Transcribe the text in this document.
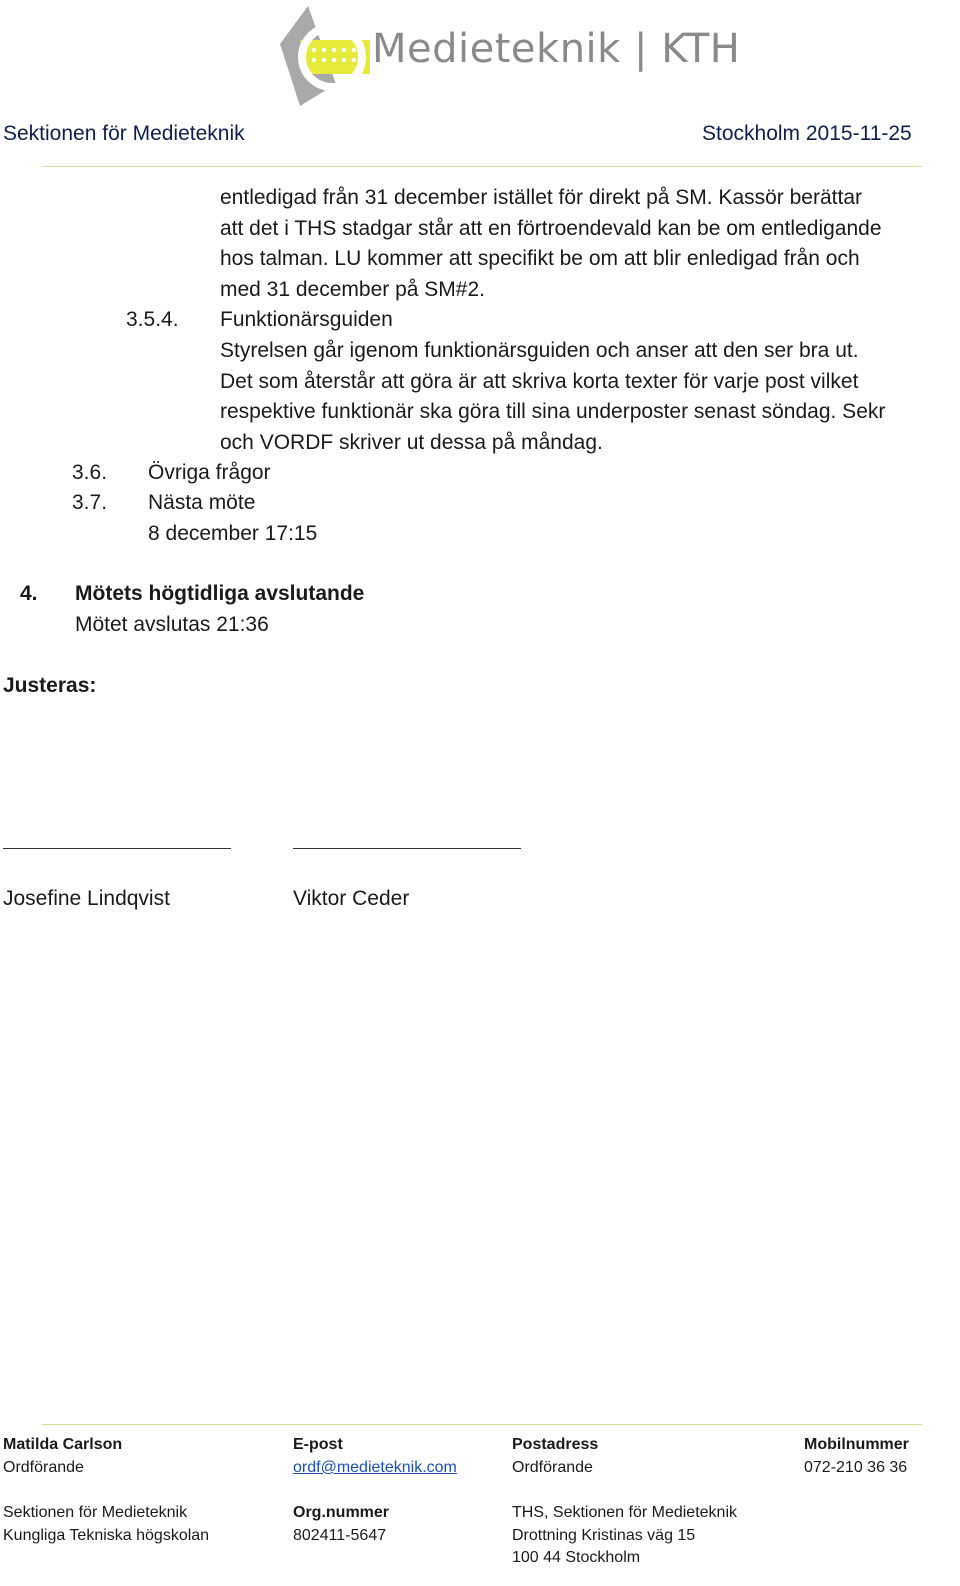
Medieteknik | KTH
Sektionen för Medieteknik	Stockholm 2015-11-25
entledigad från 31 december istället för direkt på SM. Kassör berättar
att det i THS stadgar står att en förtroendevald kan be om entledigande
hos talman. LU kommer att specifikt be om att blir enledigad från och
med 31 december på SM#2.
3.5.4. Funktionärsguiden
Styrelsen går igenom funktionärsguiden och anser att den ser bra ut.
Det som återstår att göra är att skriva korta texter för varje post vilket
respektive funktionär ska göra till sina underposter senast söndag. Sekr
och VORDF skriver ut dessa på måndag.
3.6. Övriga frågor
3.7. Nästa möte
8 december 17:15
4. Mötets högtidliga avslutande
Mötet avslutas 21:36
Justeras:
Josefine Lindqvist	Viktor Ceder
Matilda Carlson
Ordförande
Sektionen för Medieteknik
Kungliga Tekniska högskolan
E-post
ordf@medieteknik.com
Org.nummer
802411-5647
Postadress
Ordförande
THS, Sektionen för Medieteknik
Drottning Kristinas väg 15
100 44 Stockholm
Mobilnummer
072-210 36 36
